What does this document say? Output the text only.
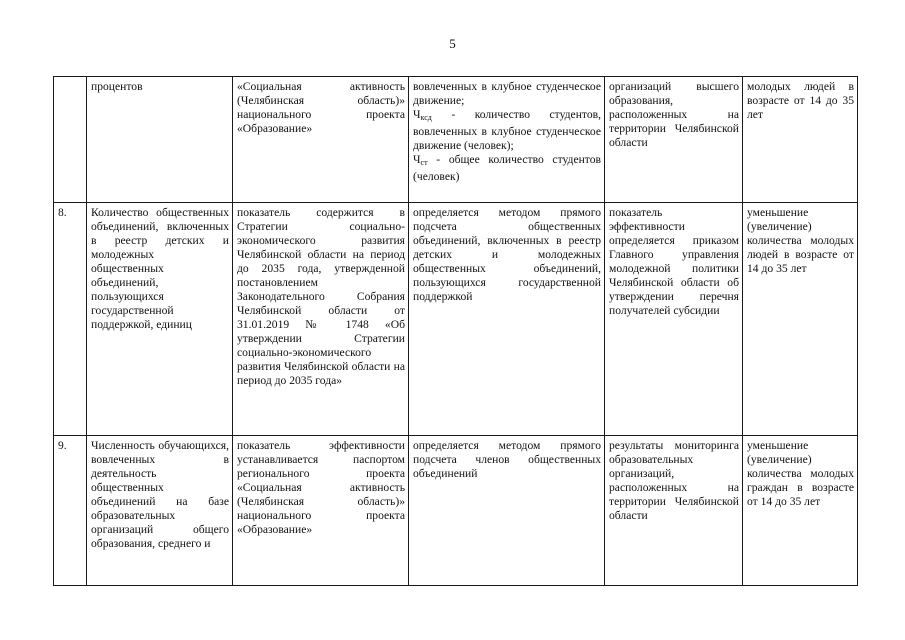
5
	процентов	«Социальная активность (Челябинская область)» национального проекта «Образование»	вовлеченных в клубное студенческое движение;
$Ч_{ксд}$ - количество студентов, вовлеченных в клубное студенческое движение (человек);
$Ч_{ст}$ - общее количество студентов (человек)	организаций высшего образования, расположенных на территории Челябинской области	молодых людей в возрасте от 14 до 35 лет
8.	Количество общественных объединений, включенных в реестр детских и молодежных общественных объединений, пользующихся государственной поддержкой, единиц	показатель содержится в Стратегии социально-экономического развития Челябинской области на период до 2035 года, утвержденной постановлением Законодательного Собрания Челябинской области от 31.01.2019 № 1748 «Об утверждении Стратегии социально-экономического развития Челябинской области на период до 2035 года»	определяется методом прямого подсчета общественных объединений, включенных в реестр детских и молодежных общественных объединений, пользующихся государственной поддержкой	показатель эффективности определяется приказом Главного управления молодежной политики Челябинской области об утверждении перечня получателей субсидии	уменьшение (увеличение) количества молодых людей в возрасте от 14 до 35 лет
9.	Численность обучающихся, вовлеченных в деятельность общественных объединений на базе образовательных организаций общего образования, среднего и	показатель эффективности устанавливается паспортом регионального проекта «Социальная активность (Челябинская область)» национального проекта «Образование»	определяется методом прямого подсчета членов общественных объединений	результаты мониторинга образовательных организаций, расположенных на территории Челябинской области	уменьшение (увеличение) количества молодых граждан в возрасте от 14 до 35 лет
